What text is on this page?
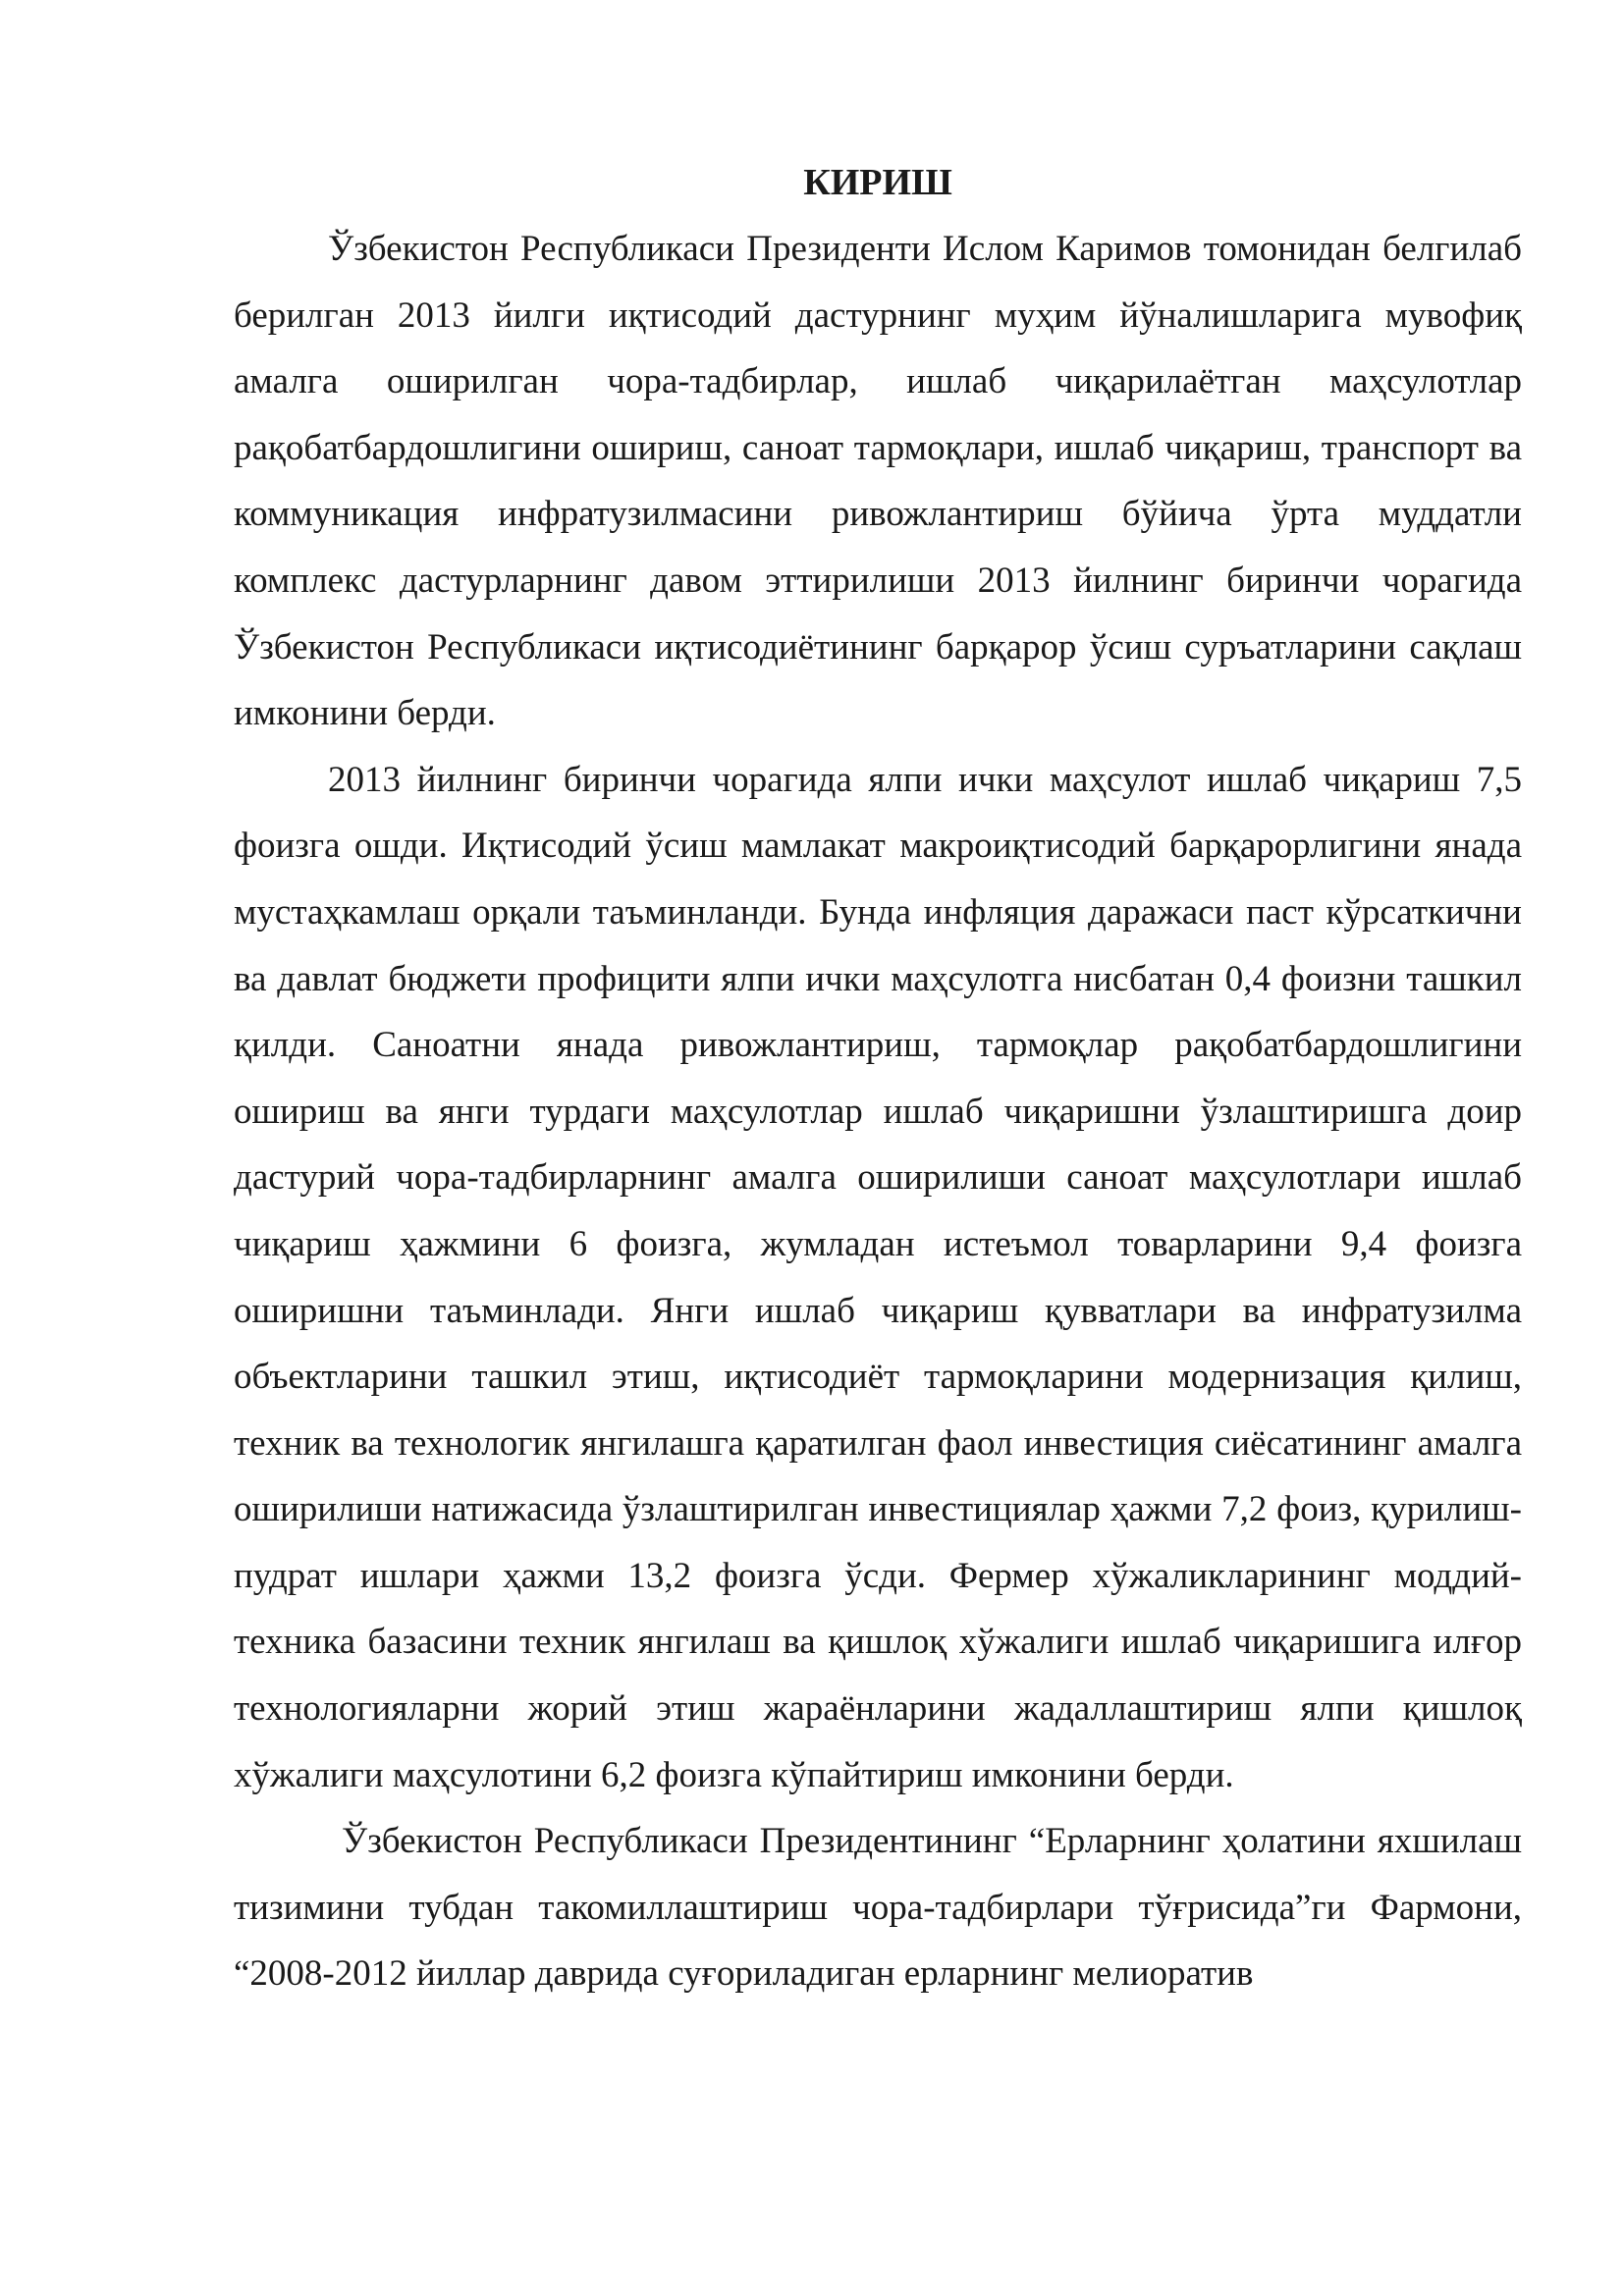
КИРИШ

Ўзбекистон Республикаси Президенти Ислом Каримов томонидан белгилаб берилган 2013 йилги иқтисодий дастурнинг муҳим йўналишларига мувофиқ амалга оширилган чора-тадбирлар, ишлаб чиқарилаётган маҳсулотлар рақобатбардошлигини ошириш, саноат тармоқлари, ишлаб чиқариш, транспорт ва коммуникация инфратузилмасини ривожлантириш бўйича ўрта муддатли комплекс дастурларнинг давом эттирилиши 2013 йилнинг биринчи чорагида Ўзбекистон Республикаси иқтисодиётининг барқарор ўсиш суръатларини сақлаш имконини берди.

2013 йилнинг биринчи чорагида ялпи ички маҳсулот ишлаб чиқариш 7,5 фоизга ошди. Иқтисодий ўсиш мамлакат макроиқтисодий барқарорлигини янада мустаҳкамлаш орқали таъминланди. Бунда инфляция даражаси паст кўрсаткични ва давлат бюджети профицити ялпи ички маҳсулотга нисбатан 0,4 фоизни ташкил қилди. Саноатни янада ривожлантириш, тармоқлар рақобатбардошлигини ошириш ва янги турдаги маҳсулотлар ишлаб чиқаришни ўзлаштиришга доир дастурий чора-тадбирларнинг амалга оширилиши саноат маҳсулотлари ишлаб чиқариш ҳажмини 6 фоизга, жумладан истеъмол товарларини 9,4 фоизга оширишни таъминлади. Янги ишлаб чиқариш қувватлари ва инфратузилма объектларини ташкил этиш, иқтисодиёт тармоқларини модернизация қилиш, техник ва технологик янгилашга қаратилган фаол инвестиция сиёсатининг амалга оширилиши натижасида ўзлаштирилган инвестициялар ҳажми 7,2 фоиз, қурилиш-пудрат ишлари ҳажми 13,2 фоизга ўсди. Фермер хўжаликларининг моддий-техника базасини техник янгилаш ва қишлоқ хўжалиги ишлаб чиқаришига илғор технологияларни жорий этиш жараёнларини жадаллаштириш ялпи қишлоқ хўжалиги маҳсулотини 6,2 фоизга кўпайтириш имконини берди.

Ўзбекистон Республикаси Президентининг “Ерларнинг ҳолатини яхшилаш тизимини тубдан такомиллаштириш чора-тадбирлари тўғрисида”ги Фармони, “2008-2012 йиллар даврида суғориладиган ерларнинг мелиоратив
